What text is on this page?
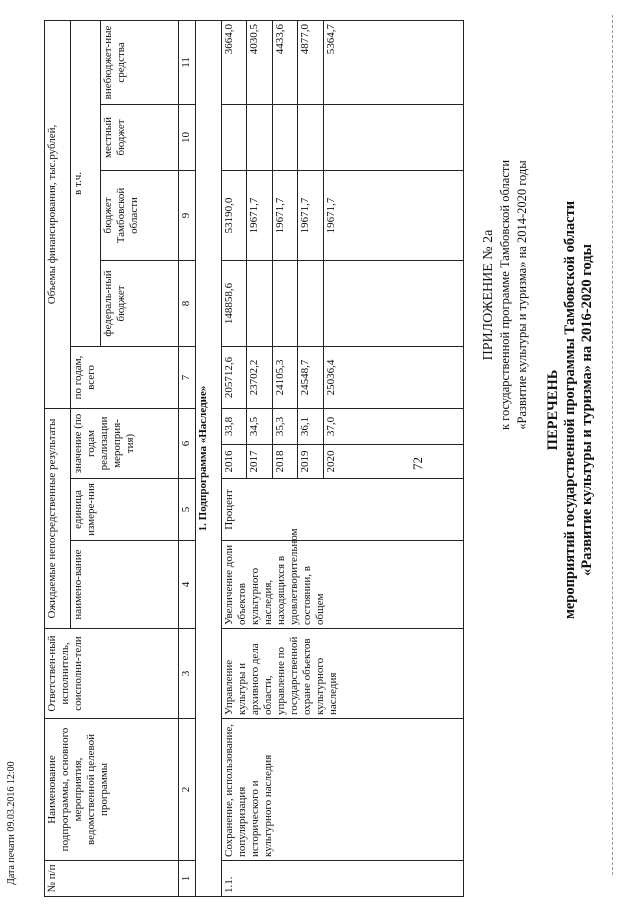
Дата печати 09.03.2016 12:00	№ п/п	Наименование подпрограммы, основного мероприятия, ведомственной целевой программы	Ответствен-ный исполнитель, соисполни-тели	Ожидаемые непосредственные результаты				Объемы финансирования, тыс.рублей,				
			наимено-вание	единица измере-ния	значение (по годам реализации мероприя-тия)		по годам, всего	в т.ч.			
								федераль-ный бюджет	бюджет Тамбовской области	местный бюджет	внебюджет-ные средства
1	2	3	4	5	6		7	8	9	10	11
1. Подпрограмма «Наследие»											
1.1.	Сохранение, использование, популяризация исторического и культурного наследия	Управление культуры и архивного дела области, управление по государственной охране объектов культурного наследия	Увеличение доли объектов культурного наследия, находящихся в удовлетворительном состоянии, в общем	Процент	2016	33,8	205712,6	148858,6	53190,0		3664,0
					2017	34,5	23702,2		19671,7		4030,5
					2018	35,3	24105,3		19671,7		4433,6
					2019	36,1	24548,7		19671,7		4877,0
					2020	37,0	25036,4		19671,7		5364,7
ПЕРЕЧЕНЬ мероприятий государственной программы Тамбовской области «Развитие культуры и туризма» на 2016-2020 годы
72
ПРИЛОЖЕНИЕ № 2а к государственной программе Тамбовской области «Развитие культуры и туризма» на 2014-2020 годы
